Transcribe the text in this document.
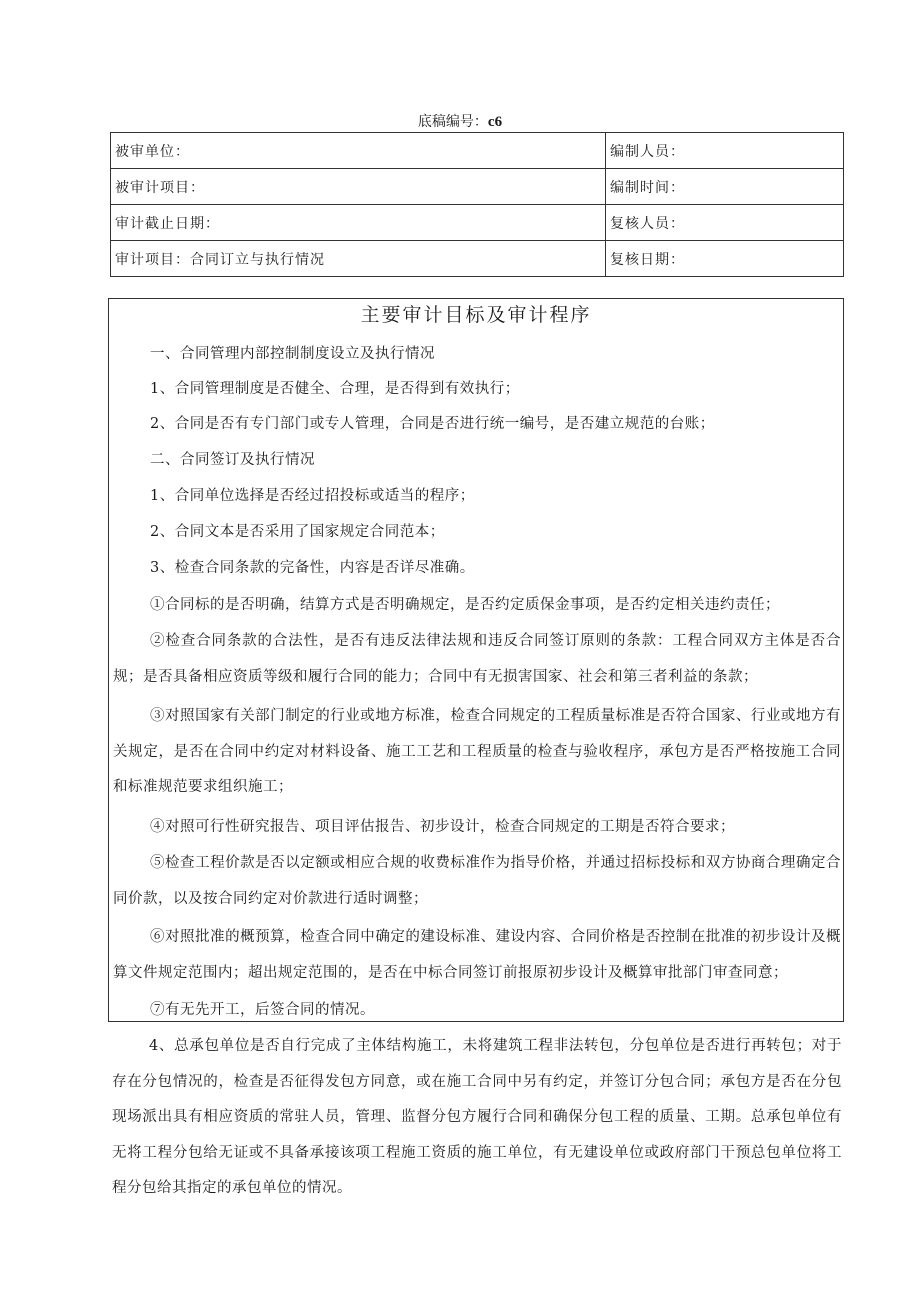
底稿编号：c6
被审单位：	编制人员：
被审计项目：	编制时间：
审计截止日期：	复核人员：
审计项目：合同订立与执行情况	复核日期：
主要审计目标及审计程序

一、合同管理内部控制制度设立及执行情况

1、合同管理制度是否健全、合理，是否得到有效执行；

2、合同是否有专门部门或专人管理，合同是否进行统一编号，是否建立规范的台账；

二、合同签订及执行情况

1、合同单位选择是否经过招投标或适当的程序；

2、合同文本是否采用了国家规定合同范本；

3、检查合同条款的完备性，内容是否详尽准确。

①合同标的是否明确，结算方式是否明确规定，是否约定质保金事项，是否约定相关违约责任；

②检查合同条款的合法性，是否有违反法律法规和违反合同签订原则的条款：工程合同双方主体是否合规；是否具备相应资质等级和履行合同的能力；合同中有无损害国家、社会和第三者利益的条款；

③对照国家有关部门制定的行业或地方标准，检查合同规定的工程质量标准是否符合国家、行业或地方有关规定，是否在合同中约定对材料设备、施工工艺和工程质量的检查与验收程序，承包方是否严格按施工合同和标准规范要求组织施工；

④对照可行性研究报告、项目评估报告、初步设计，检查合同规定的工期是否符合要求；

⑤检查工程价款是否以定额或相应合规的收费标准作为指导价格，并通过招标投标和双方协商合理确定合同价款，以及按合同约定对价款进行适时调整；

⑥对照批准的概预算，检查合同中确定的建设标准、建设内容、合同价格是否控制在批准的初步设计及概算文件规定范围内；超出规定范围的，是否在中标合同签订前报原初步设计及概算审批部门审查同意；

⑦有无先开工，后签合同的情况。

4、总承包单位是否自行完成了主体结构施工，未将建筑工程非法转包，分包单位是否进行再转包；对于存在分包情况的，检查是否征得发包方同意，或在施工合同中另有约定，并签订分包合同；承包方是否在分包现场派出具有相应资质的常驻人员，管理、监督分包方履行合同和确保分包工程的质量、工期。总承包单位有无将工程分包给无证或不具备承接该项工程施工资质的施工单位，有无建设单位或政府部门干预总包单位将工程分包给其指定的承包单位的情况。
